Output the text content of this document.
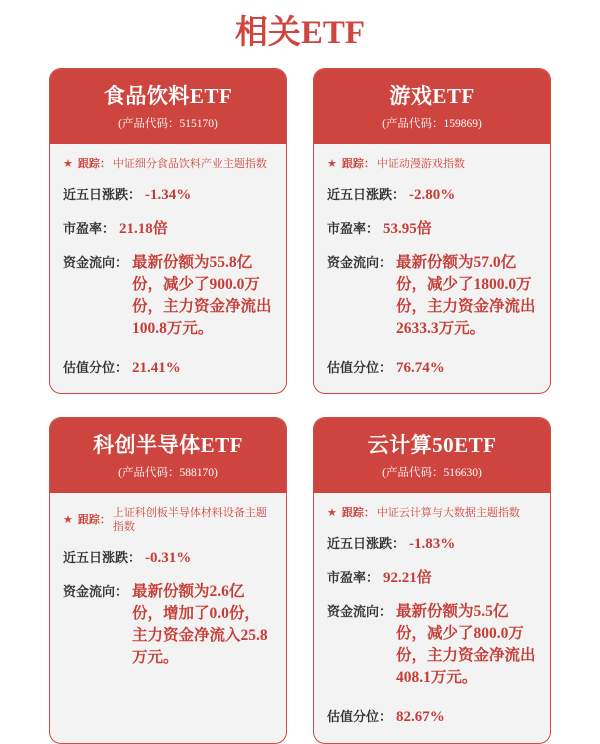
相关ETF
食品饮料ETF
(产品代码：515170)
★ 跟踪： 中证细分食品饮料产业主题指数
近五日涨跌： -1.34%
市盈率： 21.18倍
资金流向： 最新份额为55.8亿份，减少了900.0万份，主力资金净流出100.8万元。
估值分位： 21.41%
游戏ETF
(产品代码：159869)
★ 跟踪： 中证动漫游戏指数
近五日涨跌： -2.80%
市盈率： 53.95倍
资金流向： 最新份额为57.0亿份，减少了1800.0万份，主力资金净流出2633.3万元。
估值分位： 76.74%
科创半导体ETF
(产品代码：588170)
★ 跟踪：
上证科创板半导体材料设备主题指数
近五日涨跌： -0.31%
资金流向： 最新份额为2.6亿份，增加了0.0份，主力资金净流入25.8万元。
云计算50ETF
(产品代码：516630)
★ 跟踪： 中证云计算与大数据主题指数
近五日涨跌： -1.83%
市盈率： 92.21倍
资金流向： 最新份额为5.5亿份，减少了800.0万份，主力资金净流出408.1万元。
估值分位： 82.67%
